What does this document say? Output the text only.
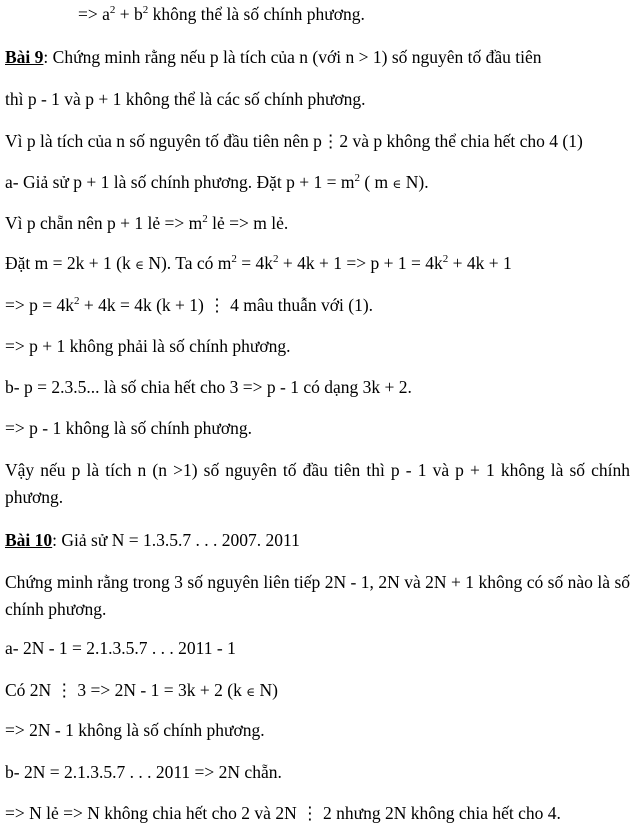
=> $a^2 + b^2$ không thể là số chính phương.
Bài 9: Chứng minh rằng nếu p là tích của n (với n > 1) số nguyên tố đầu tiên
thì p - 1 và p + 1 không thể là các số chính phương.
Vì p là tích của n số nguyên tố đầu tiên nên p⋮2 và p không thể chia hết cho 4 (1)
a- Giả sử p + 1 là số chính phương. Đặt $p + 1 = m^2$ ( m ∈ N).
Vì p chẵn nên p + 1 lẻ => $m^2$ lẻ => m lẻ.
Đặt m = 2k + 1 (k ∈ N). Ta có $m^2 = 4k^2 + 4k + 1 => p + 1 = 4k^2 + 4k + 1$
=> $p = 4k^2 + 4k = 4k$ (k + 1) ⋮ 4 mâu thuẫn với (1).
=> p + 1 không phải là số chính phương.
b- p = 2.3.5... là số chia hết cho 3 => p - 1 có dạng 3k + 2.
=> p - 1 không là số chính phương.
Vậy nếu p là tích n (n >1) số nguyên tố đầu tiên thì p - 1 và p + 1 không là số chính phương.
Bài 10: Giả sử N = 1.3.5.7 . . . 2007. 2011
Chứng minh rằng trong 3 số nguyên liên tiếp 2N - 1, 2N và 2N + 1 không có số nào là số chính phương.
a- 2N - 1 = 2.1.3.5.7 . . . 2011 - 1
Có 2N ⋮ 3 => 2N - 1 = 3k + 2 (k ∈ N)
=> 2N - 1 không là số chính phương.
b- 2N = 2.1.3.5.7 . . . 2011 => 2N chẵn.
=> N lẻ => N không chia hết cho 2 và 2N ⋮ 2 nhưng 2N không chia hết cho 4.
